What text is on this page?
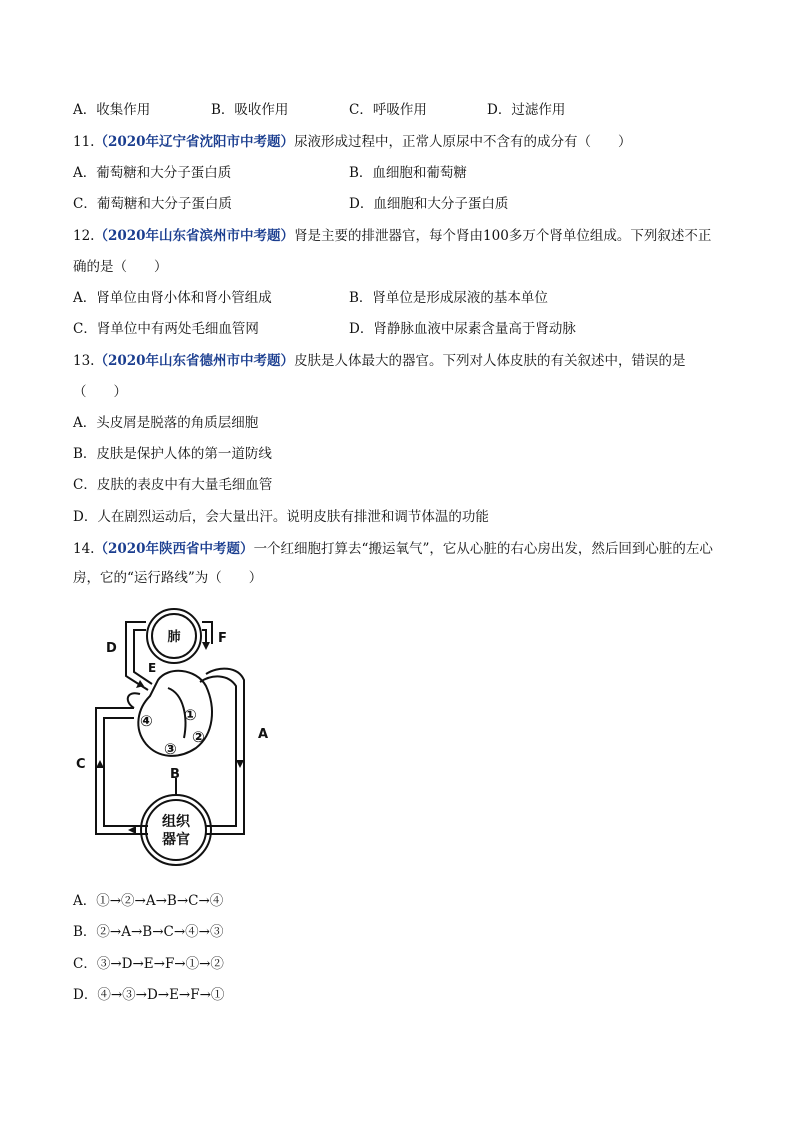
A．收集作用	B．吸收作用	C．呼吸作用	D．过滤作用
11.（2020年辽宁省沈阳市中考题）尿液形成过程中，正常人原尿中不含有的成分有（　　）
A．葡萄糖和大分子蛋白质	B．血细胞和葡萄糖
C．葡萄糖和大分子蛋白质	D．血细胞和大分子蛋白质
12.（2020年山东省滨州市中考题）肾是主要的排泄器官，每个肾由100多万个肾单位组成。下列叙述不正
确的是（　　）
A．肾单位由肾小体和肾小管组成	B．肾单位是形成尿液的基本单位
C．肾单位中有两处毛细血管网	D．肾静脉血液中尿素含量高于肾动脉
13.（2020年山东省德州市中考题）皮肤是人体最大的器官。下列对人体皮肤的有关叙述中，错误的是
（　　）
A．头皮屑是脱落的角质层细胞
B．皮肤是保护人体的第一道防线
C．皮肤的表皮中有大量毛细血管
D．人在剧烈运动后，会大量出汗。说明皮肤有排泄和调节体温的功能
14.（2020年陕西省中考题）一个红细胞打算去“搬运氧气”，它从心脏的右心房出发，然后回到心脏的左心
房，它的“运行路线”为（　　）
肺
组织
器官
A
B
C
D
E
F
①
②
③
④
A．①→②→A→B→C→④
B．②→A→B→C→④→③
C．③→D→E→F→①→②
D．④→③→D→E→F→①
